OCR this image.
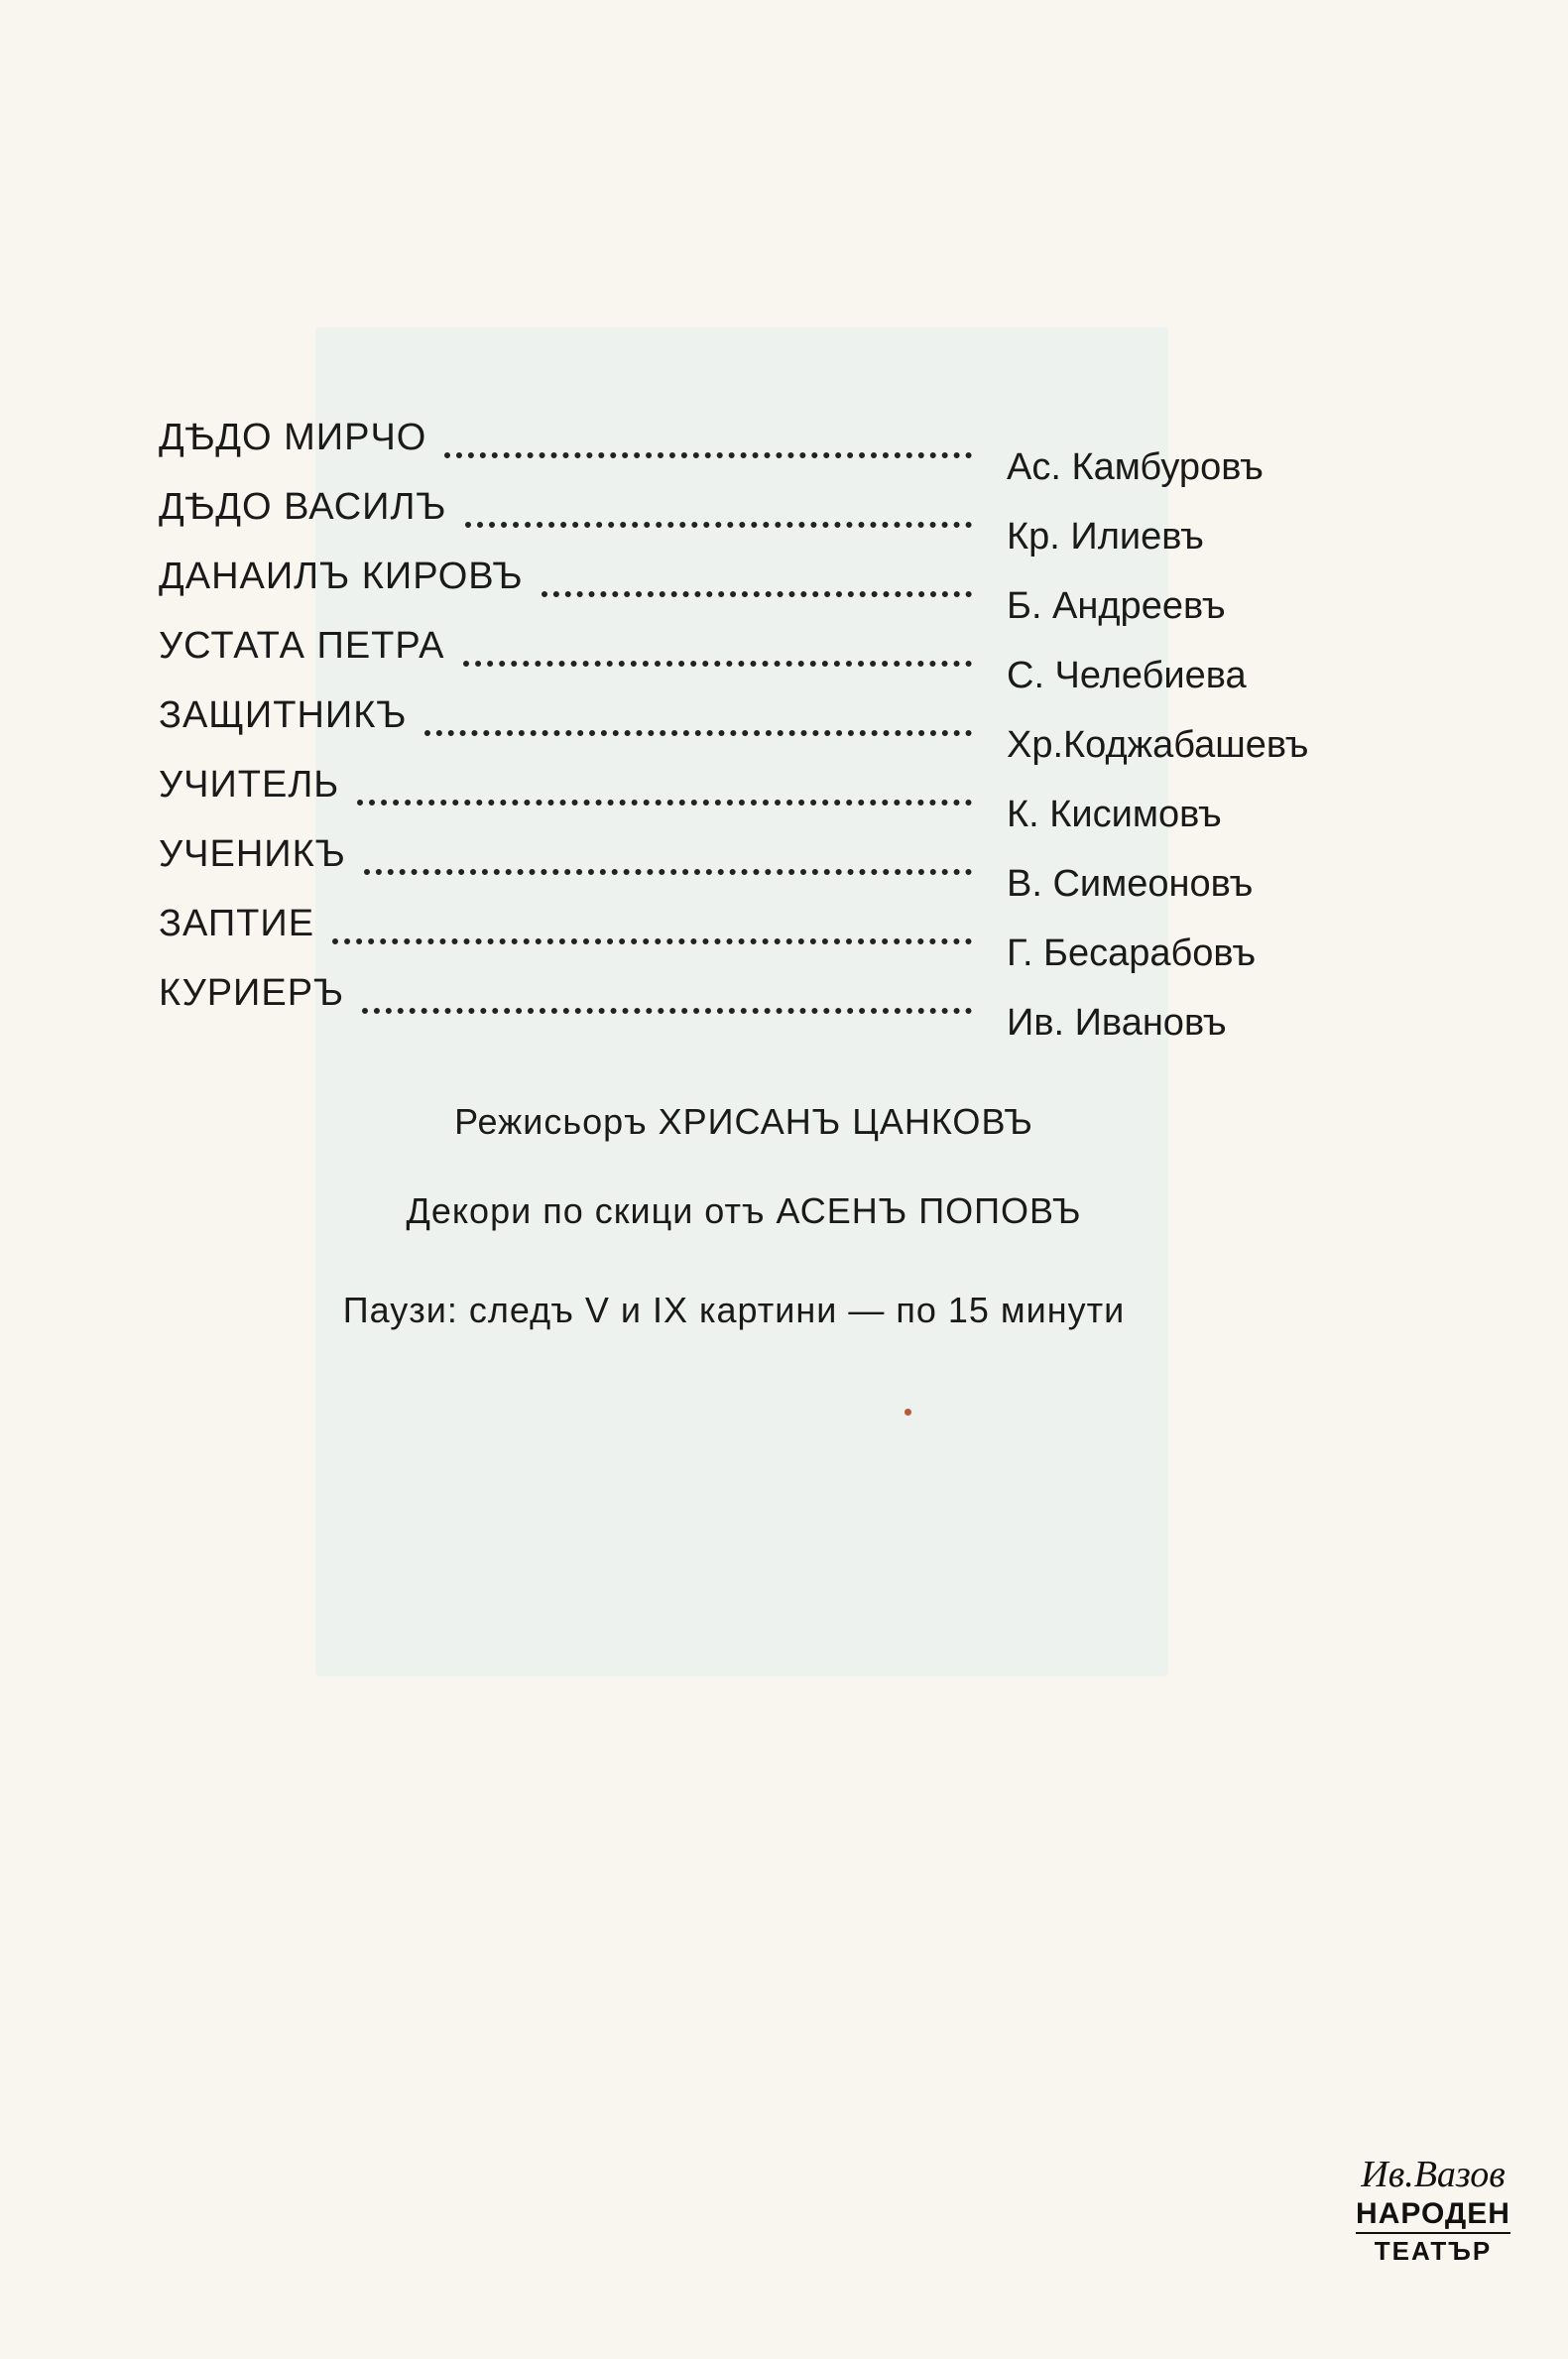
ДѢДО МИРЧО
Ас. Камбуровъ
ДѢДО ВАСИЛЪ
Кр. Илиевъ
ДАНАИЛЪ КИРОВЪ
Б. Андреевъ
УСТАТА ПЕТРА
С. Челебиева
ЗАЩИТНИКЪ
Хр.Коджабашевъ
УЧИТЕЛЬ
К. Кисимовъ
УЧЕНИКЪ
В. Симеоновъ
ЗАПТИЕ
Г. Бесарабовъ
КУРИЕРЪ
Ив. Ивановъ
Режисьоръ ХРИСАНЪ ЦАНКОВЪ
Декори по скици отъ АСЕНЪ ПОПОВЪ
Паузи: следъ V и IX картини — по 15 минути
Ив.Вазов
НАРОДЕН
ТЕАТЪР
